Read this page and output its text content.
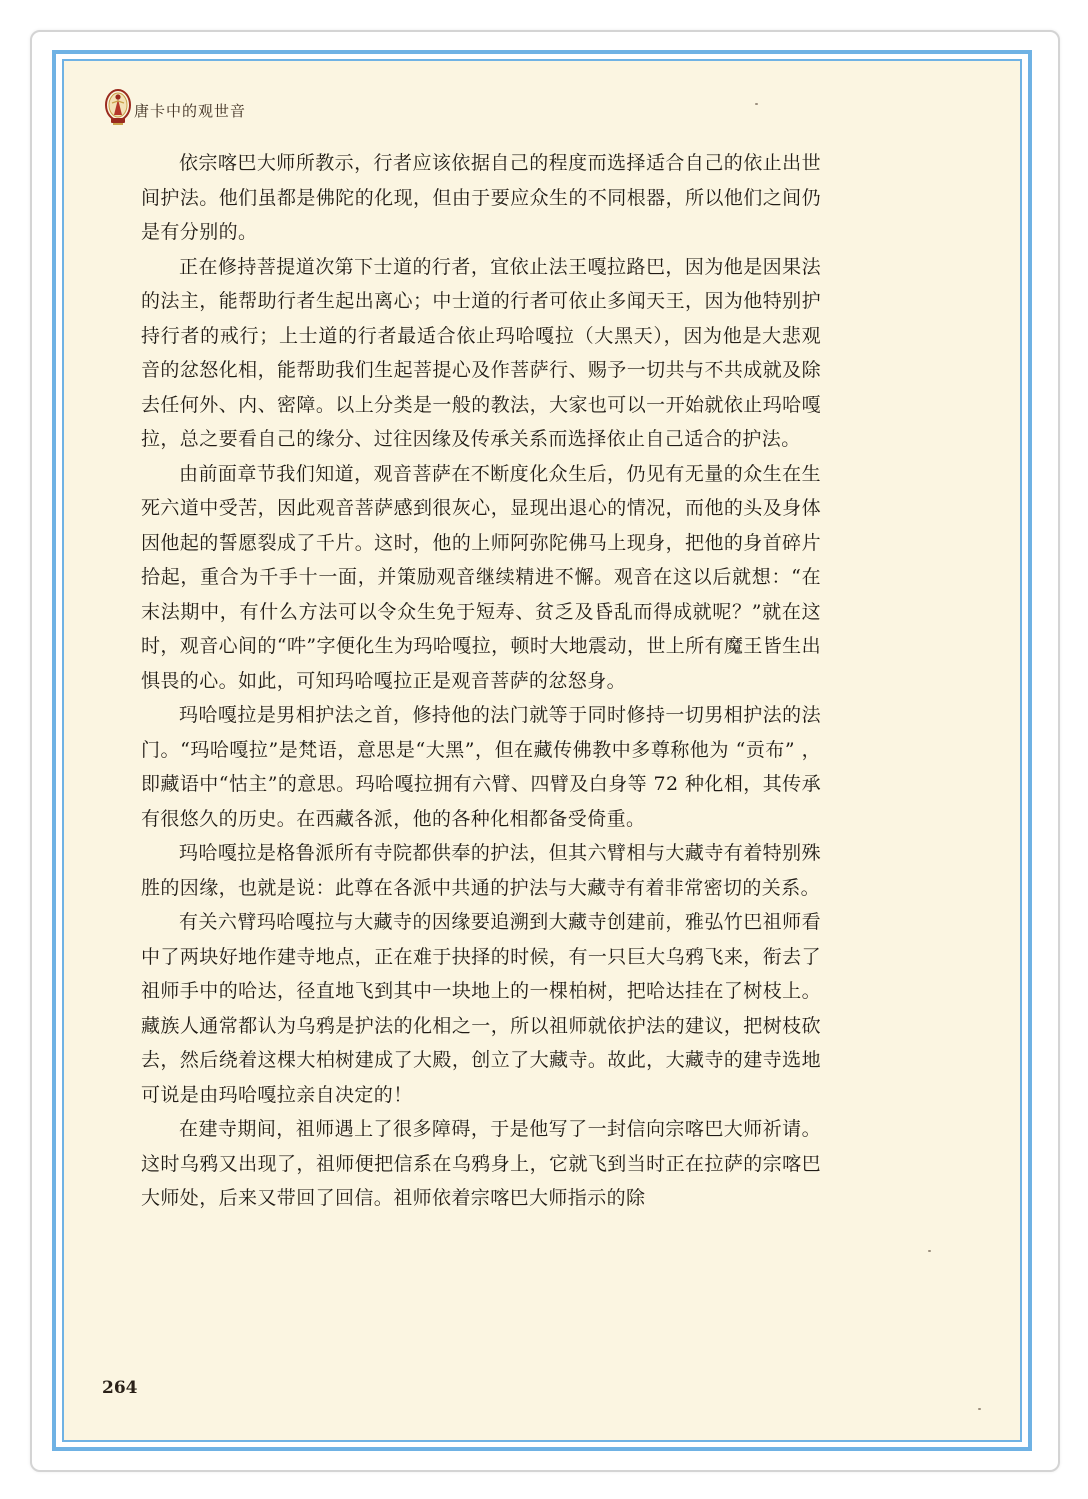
唐卡中的观世音

依宗喀巴大师所教示，行者应该依据自己的程度而选择适合自己的依止出世间护法。他们虽都是佛陀的化现，但由于要应众生的不同根器，所以他们之间仍是有分别的。

正在修持菩提道次第下士道的行者，宜依止法王嘎拉路巴，因为他是因果法的法主，能帮助行者生起出离心；中士道的行者可依止多闻天王，因为他特别护持行者的戒行；上士道的行者最适合依止玛哈嘎拉（大黑天），因为他是大悲观音的忿怒化相，能帮助我们生起菩提心及作菩萨行、赐予一切共与不共成就及除去任何外、内、密障。以上分类是一般的教法，大家也可以一开始就依止玛哈嘎拉，总之要看自己的缘分、过往因缘及传承关系而选择依止自己适合的护法。

由前面章节我们知道，观音菩萨在不断度化众生后，仍见有无量的众生在生死六道中受苦，因此观音菩萨感到很灰心，显现出退心的情况，而他的头及身体因他起的誓愿裂成了千片。这时，他的上师阿弥陀佛马上现身，把他的身首碎片拾起，重合为千手十一面，并策励观音继续精进不懈。观音在这以后就想：“在末法期中，有什么方法可以令众生免于短寿、贫乏及昏乱而得成就呢？”就在这时，观音心间的“吽”字便化生为玛哈嘎拉，顿时大地震动，世上所有魔王皆生出惧畏的心。如此，可知玛哈嘎拉正是观音菩萨的忿怒身。

玛哈嘎拉是男相护法之首，修持他的法门就等于同时修持一切男相护法的法门。“玛哈嘎拉”是梵语，意思是“大黑”，但在藏传佛教中多尊称他为 “贡布” ，即藏语中“怙主”的意思。玛哈嘎拉拥有六臂、四臂及白身等 72 种化相，其传承有很悠久的历史。在西藏各派，他的各种化相都备受倚重。

玛哈嘎拉是格鲁派所有寺院都供奉的护法，但其六臂相与大藏寺有着特别殊胜的因缘，也就是说：此尊在各派中共通的护法与大藏寺有着非常密切的关系。

有关六臂玛哈嘎拉与大藏寺的因缘要追溯到大藏寺创建前，雅弘竹巴祖师看中了两块好地作建寺地点，正在难于抉择的时候，有一只巨大乌鸦飞来，衔去了祖师手中的哈达，径直地飞到其中一块地上的一棵柏树，把哈达挂在了树枝上。藏族人通常都认为乌鸦是护法的化相之一，所以祖师就依护法的建议，把树枝砍去，然后绕着这棵大柏树建成了大殿，创立了大藏寺。故此，大藏寺的建寺选地可说是由玛哈嘎拉亲自决定的！

在建寺期间，祖师遇上了很多障碍，于是他写了一封信向宗喀巴大师祈请。这时乌鸦又出现了，祖师便把信系在乌鸦身上，它就飞到当时正在拉萨的宗喀巴大师处，后来又带回了回信。祖师依着宗喀巴大师指示的除

264
